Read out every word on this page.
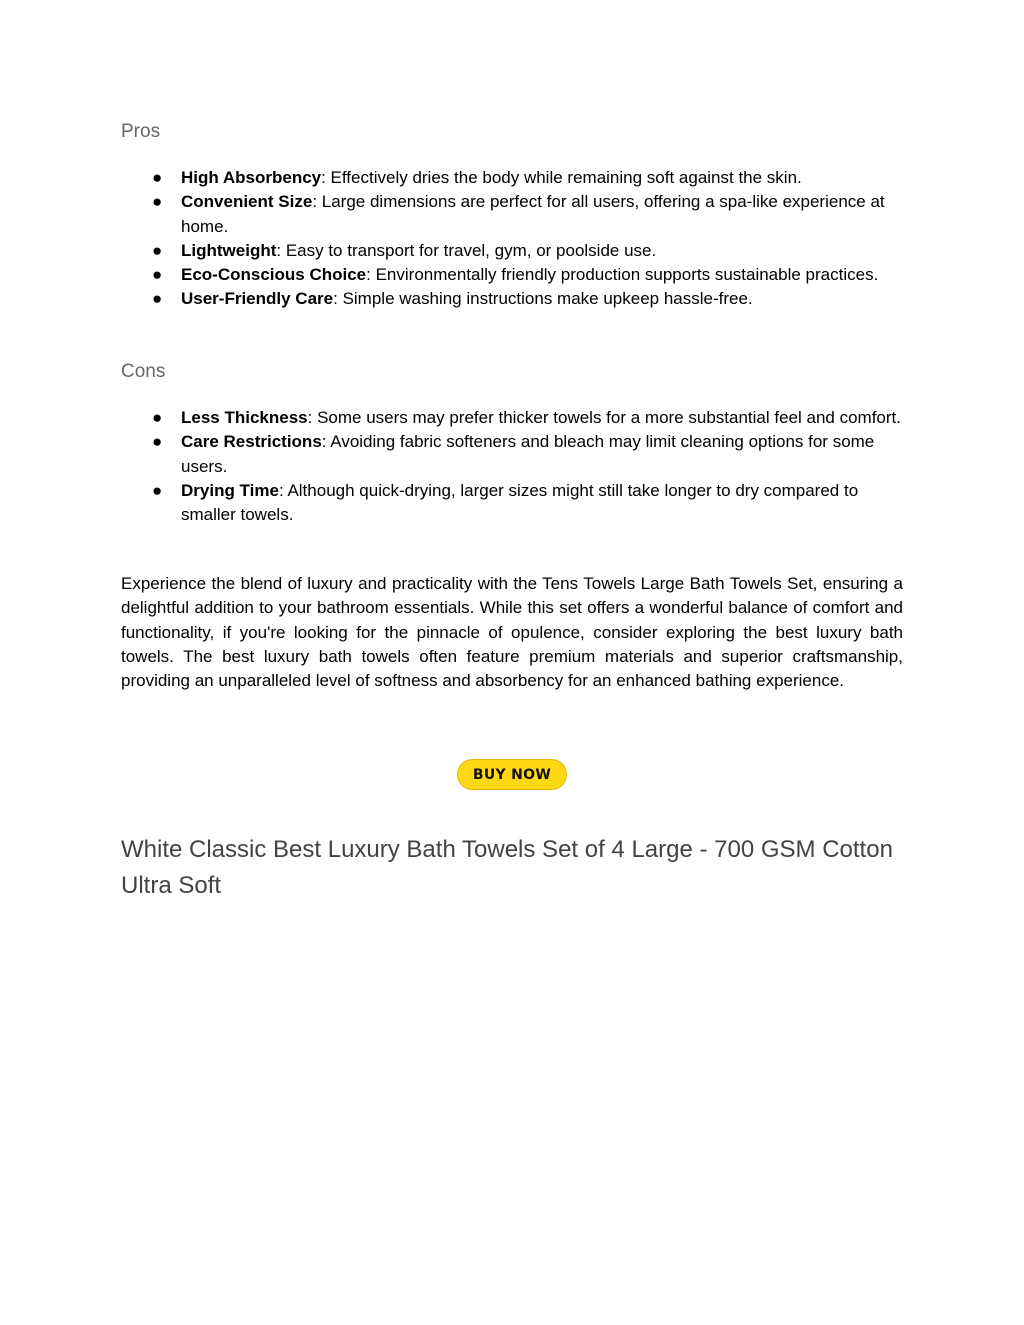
Pros
● High Absorbency: Effectively dries the body while remaining soft against the skin.
● Convenient Size: Large dimensions are perfect for all users, offering a spa-like experience at home.
● Lightweight: Easy to transport for travel, gym, or poolside use.
● Eco-Conscious Choice: Environmentally friendly production supports sustainable practices.
● User-Friendly Care: Simple washing instructions make upkeep hassle-free.
Cons
● Less Thickness: Some users may prefer thicker towels for a more substantial feel and comfort.
● Care Restrictions: Avoiding fabric softeners and bleach may limit cleaning options for some users.
● Drying Time: Although quick-drying, larger sizes might still take longer to dry compared to smaller towels.

Experience the blend of luxury and practicality with the Tens Towels Large Bath Towels Set, ensuring a delightful addition to your bathroom essentials. While this set offers a wonderful balance of comfort and functionality, if you're looking for the pinnacle of opulence, consider exploring the best luxury bath towels. The best luxury bath towels often feature premium materials and superior craftsmanship, providing an unparalleled level of softness and absorbency for an enhanced bathing experience.

BUY NOW
White Classic Best Luxury Bath Towels Set of 4 Large - 700 GSM Cotton Ultra Soft
